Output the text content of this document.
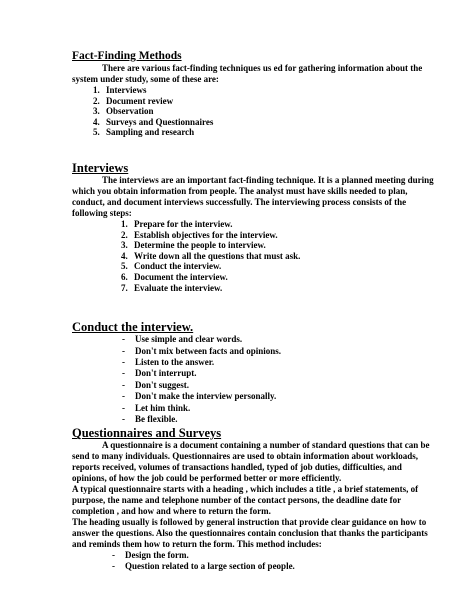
Fact-Finding Methods

There are various fact-finding techniques us ed for gathering information about the system under study, some of these are:

1. Interviews
2. Document review
3. Observation
4. Surveys and Questionnaires
5. Sampling and research
Interviews

The interviews are an important fact-finding technique. It is a planned meeting during which you obtain information from people. The analyst must have skills needed to plan, conduct, and document interviews successfully. The interviewing process consists of the following steps:

1. Prepare for the interview.
2. Establish objectives for the interview.
3. Determine the people to interview.
4. Write down all the questions that must ask.
5. Conduct the interview.
6. Document the interview.
7. Evaluate the interview.
Conduct the interview.
- Use simple and clear words.
- Don't mix between facts and opinions.
- Listen to the answer.
- Don't interrupt.
- Don't suggest.
- Don't make the interview personally.
- Let him think.
- Be flexible.
Questionnaires and Surveys

A questionnaire is a document containing a number of standard questions that can be send to many individuals. Questionnaires are used to obtain information about workloads, reports received, volumes of transactions handled, typed of job duties, difficulties, and opinions, of how the job could be performed better or more efficiently.

A typical questionnaire starts with a heading , which includes a title , a brief statements, of purpose, the name and telephone number of the contact persons, the deadline date for completion , and how and where to return the form.

The heading usually is followed by general instruction that provide clear guidance on how to answer the questions. Also the questionnaires contain conclusion that thanks the participants and reminds them how to return the form. This method includes:

- Design the form.
- Question related to a large section of people.
